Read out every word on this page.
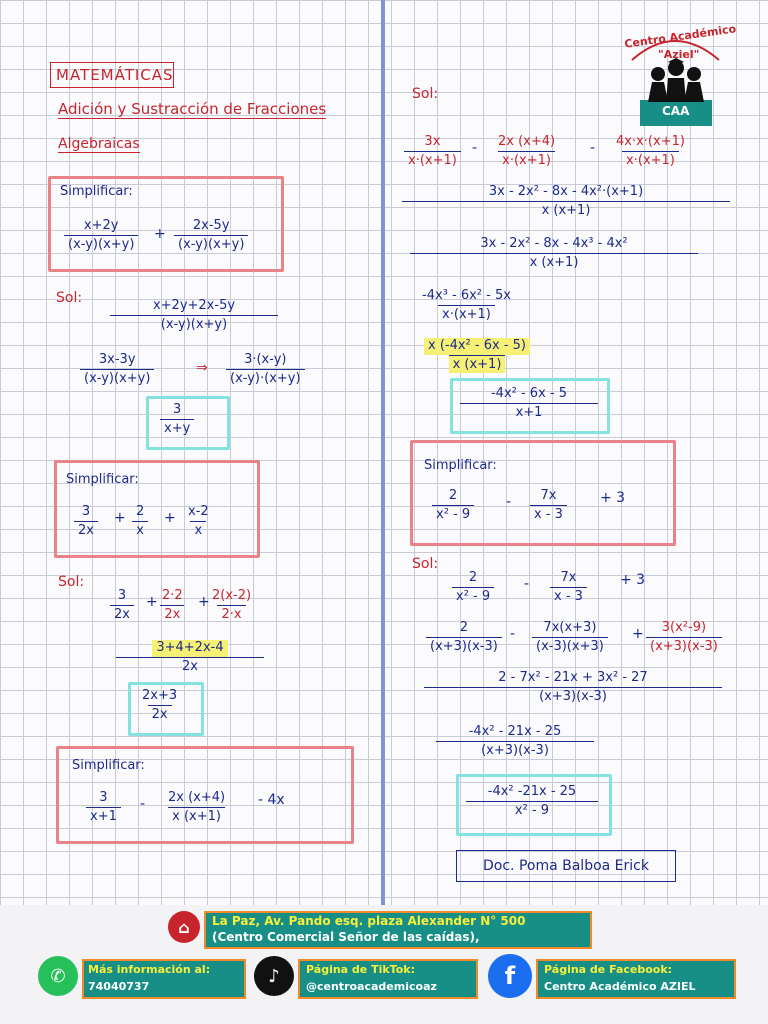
Centro Académico
"Aziel"
CAA
MATEMÁTICAS
Adición y Sustracción de Fracciones
Algebraicas
Simplificar:
$\frac{x+2y}{(x-y)(x+y)} + \frac{2x-5y}{(x-y)(x+y)}$
Sol: $\frac{x+2y+2x-5y}{(x-y)(x+y)}$
$\frac{3x-3y}{(x-y)(x+y)}$	⇒ $\frac{3\cdot(x-y)}{(x-y)\cdot(x+y)}$
$\frac{3}{x+y}$
Simplificar:
$\frac{3}{2x} + \frac{2}{x} + \frac{x-2}{x}$
Sol:
$\frac{3}{2x} + \frac{2\cdot 2}{2x}$ +
$\frac{2(x-2)}{2\cdot x}$
$\frac{3+4+2x-4}{2x}$
$\frac{2x+3}{2x}$
Simplificar:
$\frac{3}{x+1} - \frac{2x (x+4)}{x (x+1)} - 4x$
Sol:
$\frac{3x}{x\cdot(x+1)} - \frac{2x (x+4)}{x\cdot(x+1)} - \frac{4x\cdot x\cdot(x+1)}{x\cdot(x+1)}$
$\frac{\text{3x - 2x² - 8x - 4x²·(x+1)}}{x (x+1)}$
$\frac{\text{3x - 2x² - 8x - 4x³ - 4x²}}{x (x+1)}$
$\frac{\text{-4x³ - 6x² - 5x}}{x\cdot(x+1)}$
$\frac{\text{x (-4x² - 6x - 5)}}{x (x+1)}$
$\frac{\text{-4x² - 6x - 5}}{x+1}$
Simplificar:
$\frac{2}{\text{x² - 9}} - \frac{7x}{x - 3} + 3$
Sol:
$\frac{2}{\text{x² - 9}} - \frac{7x}{x - 3} + 3$
$\frac{2}{(x+3)(x-3)} - \frac{7x(x+3)}{(x-3)(x+3)} + \frac{\text{3(x²-9)}}{(x+3)(x-3)}$
$\frac{\text{2 - 7x² - 21x + 3x² - 27}}{(x+3)(x-3)}$
$\frac{\text{-4x² - 21x - 25}}{(x+3)(x-3)}$
$\frac{\text{-4x² -21x - 25}}{\text{x² - 9}}$
Doc. Poma Balboa Erick
⌂	La Paz, Av. Pando esq. plaza Alexander N° 500
(Centro Comercial Señor de las caídas),
✆	Más información al:
74040737	♪	Página de TikTok:
@centroacademicoaz	f	Página de Facebook:
Centro Académico AZIEL
